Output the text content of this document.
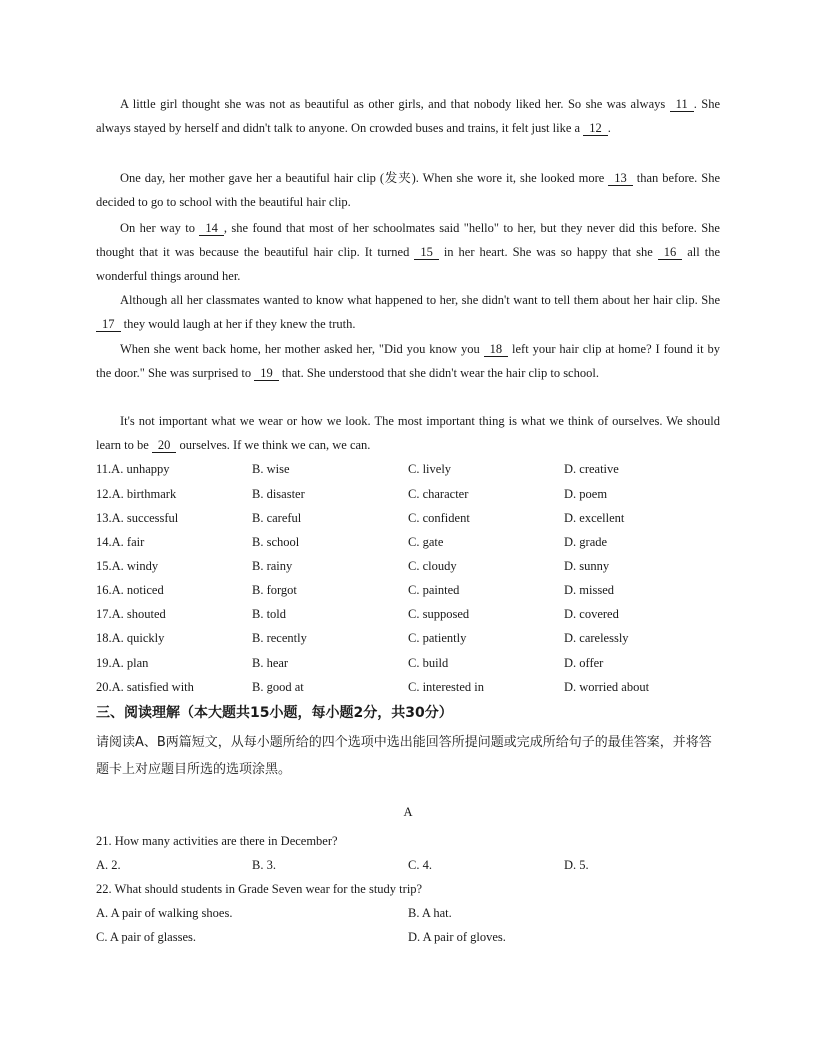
A little girl thought she was not as beautiful as other girls, and that nobody liked her. So she was always 11 . She always stayed by herself and didn't talk to anyone. On crowded buses and trains, it felt just like a 12 .
One day, her mother gave her a beautiful hair clip (发夹). When she wore it, she looked more 13 than before. She decided to go to school with the beautiful hair clip.
On her way to 14 , she found that most of her schoolmates said "hello" to her, but they never did this before. She thought that it was because the beautiful hair clip. It turned 15 in her heart. She was so happy that she 16 all the wonderful things around her.
Although all her classmates wanted to know what happened to her, she didn't want to tell them about her hair clip. She 17 they would laugh at her if they knew the truth.
When she went back home, her mother asked her, "Did you know you 18 left your hair clip at home? I found it by the door." She was surprised to 19 that. She understood that she didn't wear the hair clip to school.
It's not important what we wear or how we look. The most important thing is what we think of ourselves. We should learn to be 20 ourselves. If we think we can, we can.
11.A. unhappy	B. wise	C. lively	D. creative
12.A. birthmark	B. disaster	C. character	D. poem
13.A. successful	B. careful	C. confident	D. excellent
14.A. fair	B. school	C. gate	D. grade
15.A. windy	B. rainy	C. cloudy	D. sunny
16.A. noticed	B. forgot	C. painted	D. missed
17.A. shouted	B. told	C. supposed	D. covered
18.A. quickly	B. recently	C. patiently	D. carelessly
19.A. plan	B. hear	C. build	D. offer
20.A. satisfied with	B. good at	C. interested in	D. worried about
三、阅读理解（本大题共15小题，每小题2分，共30分）
请阅读A、B两篇短文，从每小题所给的四个选项中选出能回答所提问题或完成所给句子的最佳答案，并将答题卡上对应题目所选的选项涂黑。
A
21. How many activities are there in December?
A. 2.	B. 3.	C. 4.	D. 5.
22. What should students in Grade Seven wear for the study trip?
A. A pair of walking shoes.	B. A hat.
C. A pair of glasses.	D. A pair of gloves.
